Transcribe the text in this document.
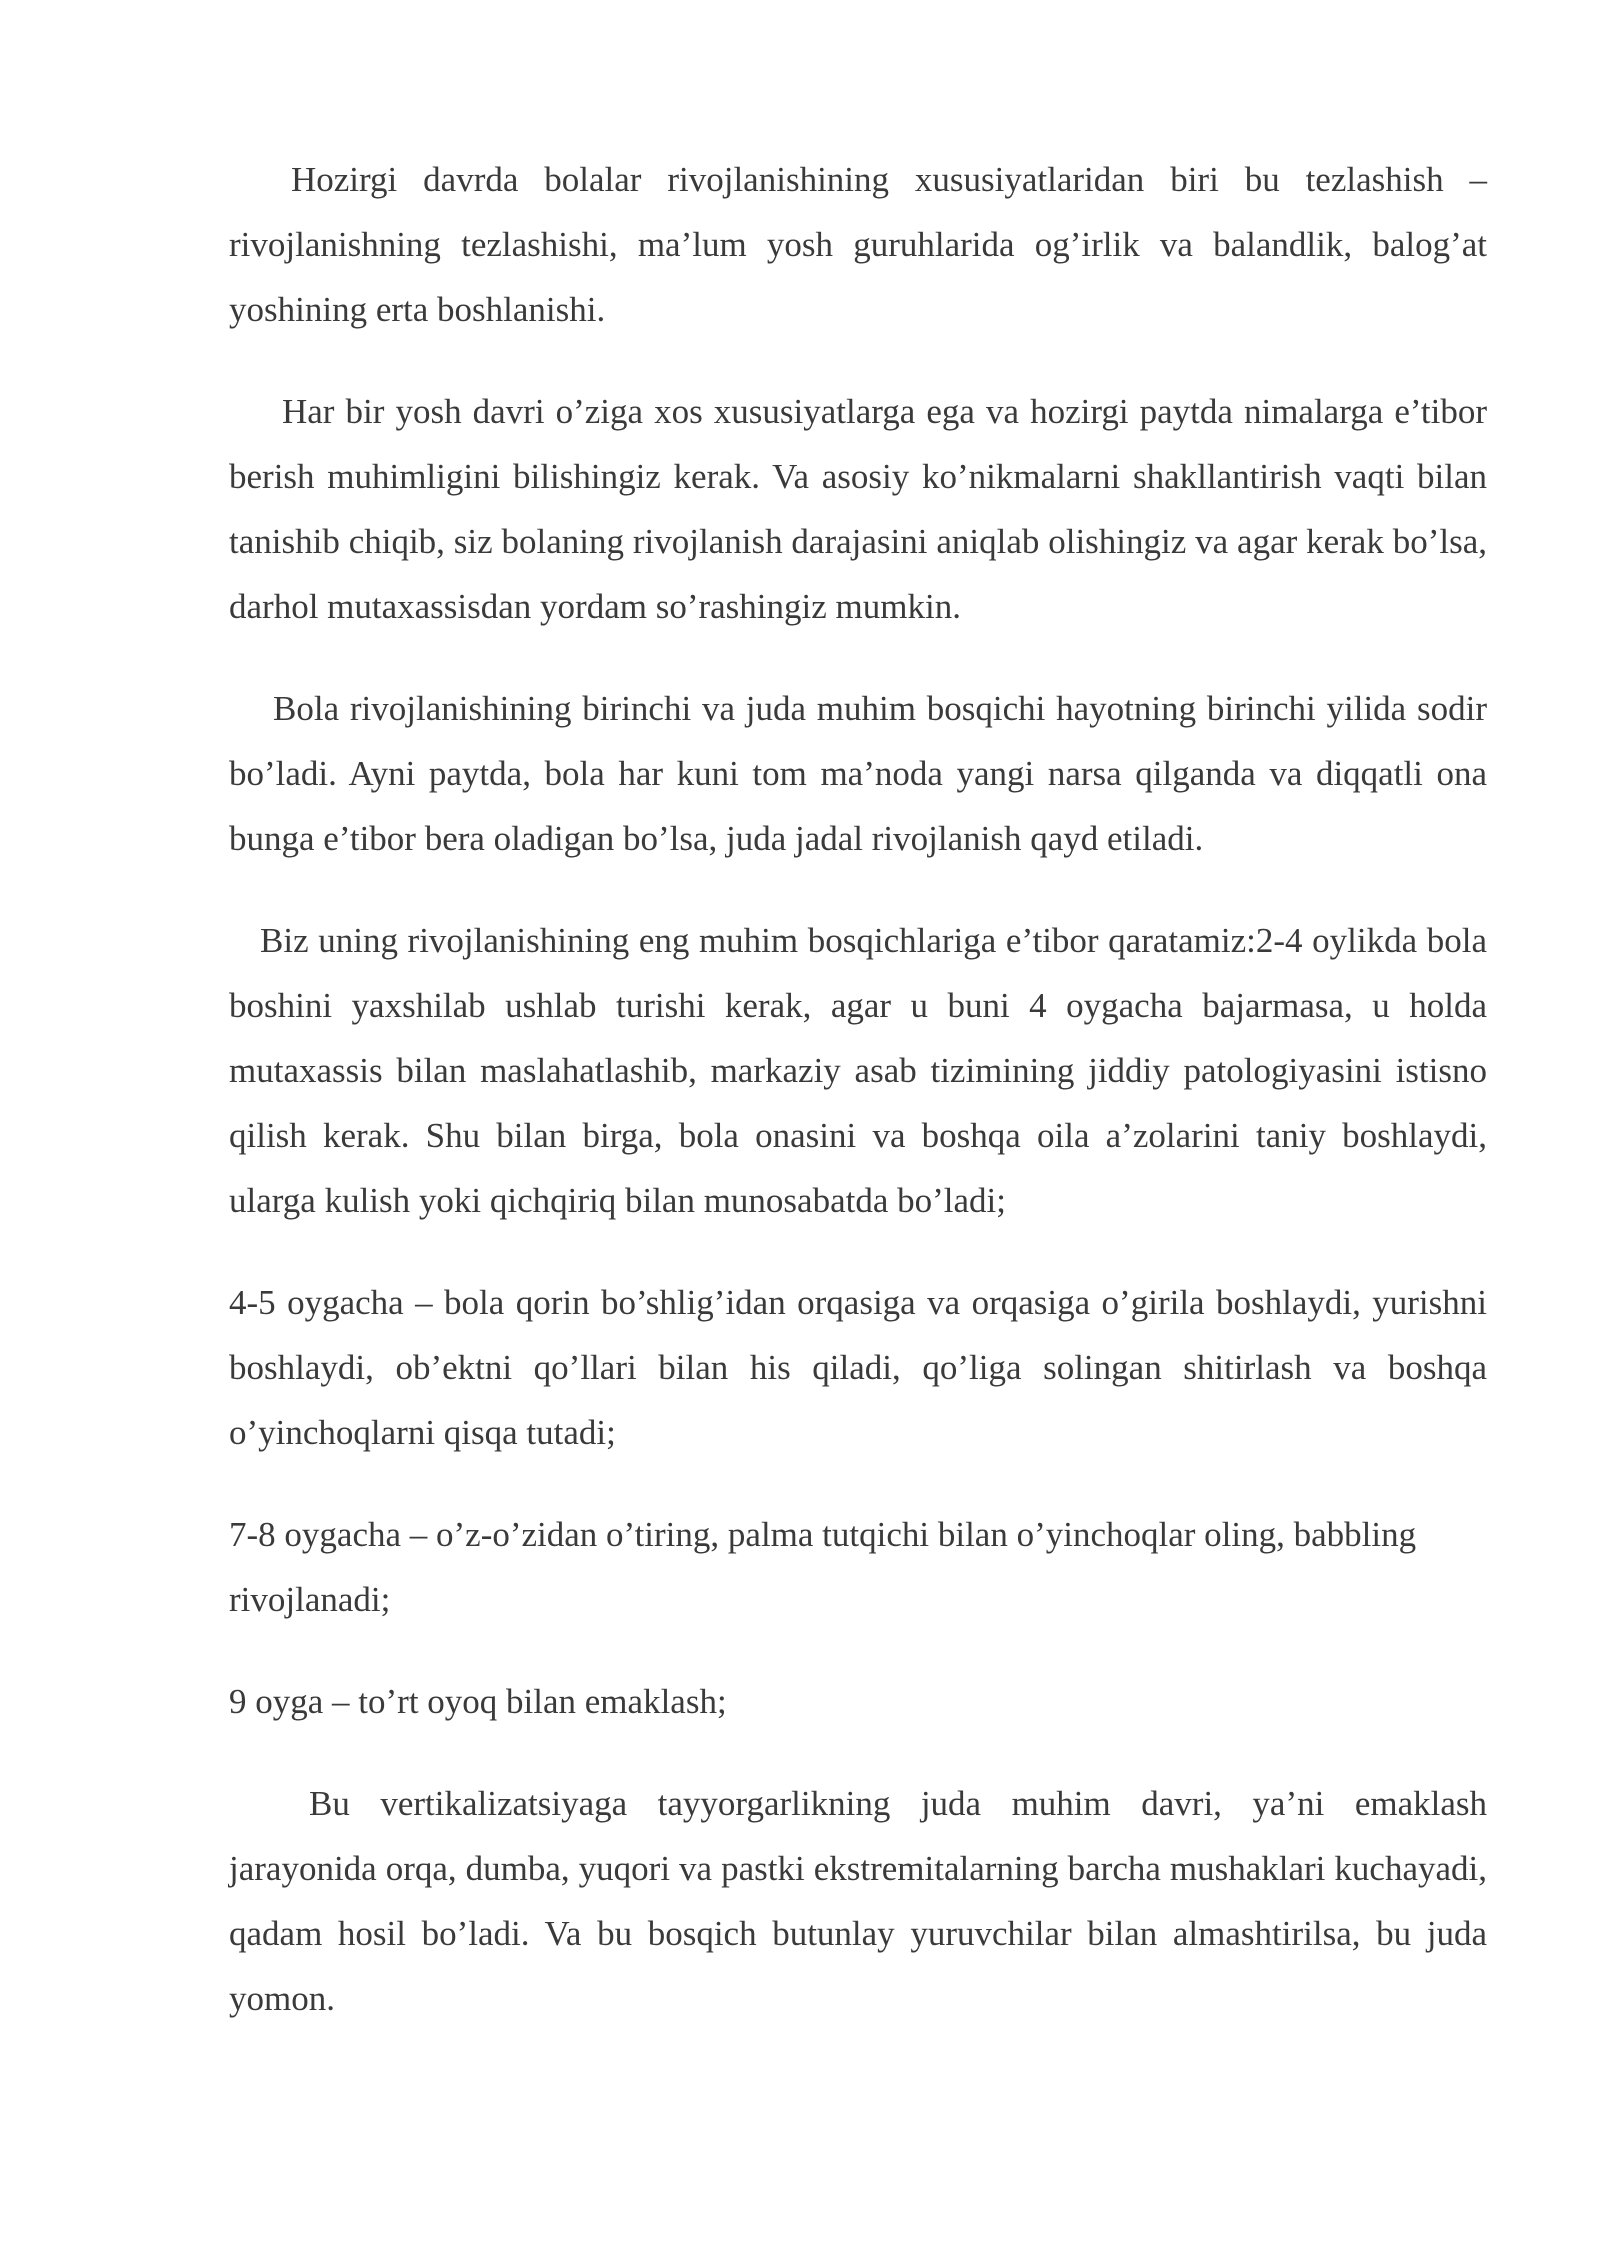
Hozirgi davrda bolalar rivojlanishining xususiyatlaridan biri bu tezlashish – rivojlanishning tezlashishi, ma’lum yosh guruhlarida og’irlik va balandlik, balog’at yoshining erta boshlanishi.

Har bir yosh davri o’ziga xos xususiyatlarga ega va hozirgi paytda nimalarga e’tibor berish muhimligini bilishingiz kerak. Va asosiy ko’nikmalarni shakllantirish vaqti bilan tanishib chiqib, siz bolaning rivojlanish darajasini aniqlab olishingiz va agar kerak bo’lsa, darhol mutaxassisdan yordam so’rashingiz mumkin.

Bola rivojlanishining birinchi va juda muhim bosqichi hayotning birinchi yilida sodir bo’ladi. Ayni paytda, bola har kuni tom ma’noda yangi narsa qilganda va diqqatli ona bunga e’tibor bera oladigan bo’lsa, juda jadal rivojlanish qayd etiladi.

Biz uning rivojlanishining eng muhim bosqichlariga e’tibor qaratamiz:2-4 oylikda bola boshini yaxshilab ushlab turishi kerak, agar u buni 4 oygacha bajarmasa, u holda mutaxassis bilan maslahatlashib, markaziy asab tizimining jiddiy patologiyasini istisno qilish kerak. Shu bilan birga, bola onasini va boshqa oila a’zolarini taniy boshlaydi, ularga kulish yoki qichqiriq bilan munosabatda bo’ladi;

4-5 oygacha – bola qorin bo’shlig’idan orqasiga va orqasiga o’girila boshlaydi, yurishni boshlaydi, ob’ektni qo’llari bilan his qiladi, qo’liga solingan shitirlash va boshqa o’yinchoqlarni qisqa tutadi;

7-8 oygacha – o’z-o’zidan o’tiring, palma tutqichi bilan o’yinchoqlar oling, babbling rivojlanadi;

9 oyga – to’rt oyoq bilan emaklash;

Bu vertikalizatsiyaga tayyorgarlikning juda muhim davri, ya’ni emaklash jarayonida orqa, dumba, yuqori va pastki ekstremitalarning barcha mushaklari kuchayadi, qadam hosil bo’ladi. Va bu bosqich butunlay yuruvchilar bilan almashtirilsa, bu juda yomon.
